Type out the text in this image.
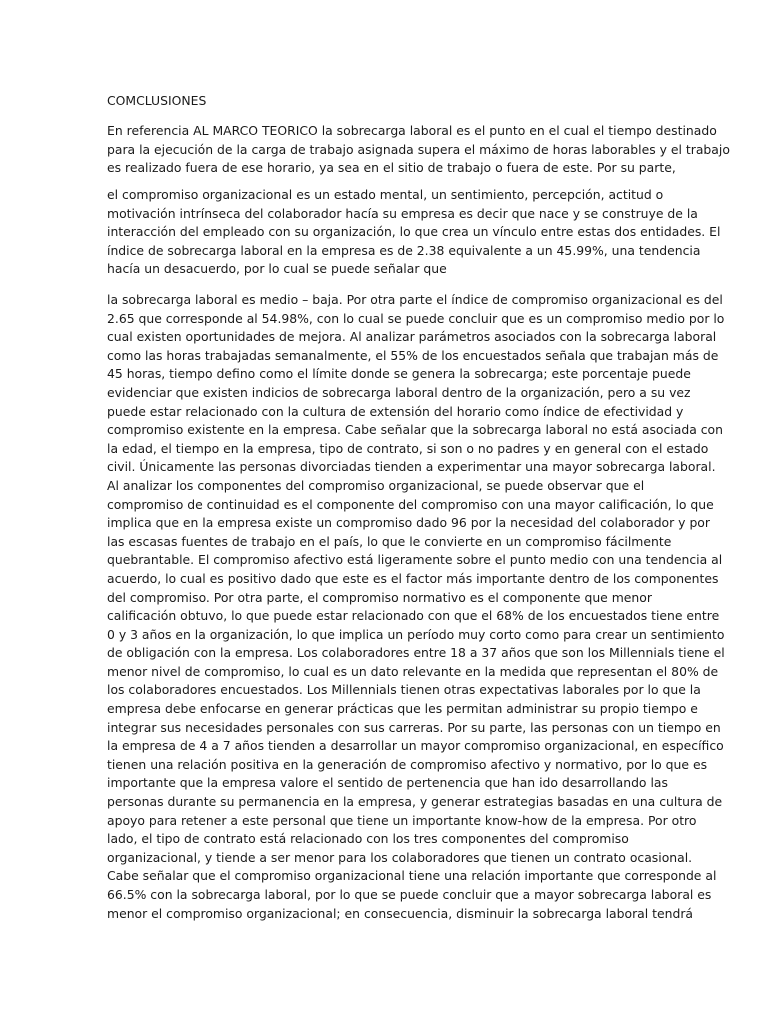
COMCLUSIONES
En referencia AL MARCO TEORICO la sobrecarga laboral es el punto en el cual el tiempo destinado
para la ejecución de la carga de trabajo asignada supera el máximo de horas laborables y el trabajo
es realizado fuera de ese horario, ya sea en el sitio de trabajo o fuera de este. Por su parte,
el compromiso organizacional es un estado mental, un sentimiento, percepción, actitud o
motivación intrínseca del colaborador hacía su empresa es decir que nace y se construye de la
interacción del empleado con su organización, lo que crea un vínculo entre estas dos entidades. El
índice de sobrecarga laboral en la empresa es de 2.38 equivalente a un 45.99%, una tendencia
hacía un desacuerdo, por lo cual se puede señalar que
la sobrecarga laboral es medio – baja. Por otra parte el índice de compromiso organizacional es del
2.65 que corresponde al 54.98%, con lo cual se puede concluir que es un compromiso medio por lo
cual existen oportunidades de mejora. Al analizar parámetros asociados con la sobrecarga laboral
como las horas trabajadas semanalmente, el 55% de los encuestados señala que trabajan más de
45 horas, tiempo defino como el límite donde se genera la sobrecarga; este porcentaje puede
evidenciar que existen indicios de sobrecarga laboral dentro de la organización, pero a su vez
puede estar relacionado con la cultura de extensión del horario como índice de efectividad y
compromiso existente en la empresa. Cabe señalar que la sobrecarga laboral no está asociada con
la edad, el tiempo en la empresa, tipo de contrato, si son o no padres y en general con el estado
civil. Únicamente las personas divorciadas tienden a experimentar una mayor sobrecarga laboral.
Al analizar los componentes del compromiso organizacional, se puede observar que el
compromiso de continuidad es el componente del compromiso con una mayor calificación, lo que
implica que en la empresa existe un compromiso dado 96 por la necesidad del colaborador y por
las escasas fuentes de trabajo en el país, lo que le convierte en un compromiso fácilmente
quebrantable. El compromiso afectivo está ligeramente sobre el punto medio con una tendencia al
acuerdo, lo cual es positivo dado que este es el factor más importante dentro de los componentes
del compromiso. Por otra parte, el compromiso normativo es el componente que menor
calificación obtuvo, lo que puede estar relacionado con que el 68% de los encuestados tiene entre
0 y 3 años en la organización, lo que implica un período muy corto como para crear un sentimiento
de obligación con la empresa. Los colaboradores entre 18 a 37 años que son los Millennials tiene el
menor nivel de compromiso, lo cual es un dato relevante en la medida que representan el 80% de
los colaboradores encuestados. Los Millennials tienen otras expectativas laborales por lo que la
empresa debe enfocarse en generar prácticas que les permitan administrar su propio tiempo e
integrar sus necesidades personales con sus carreras. Por su parte, las personas con un tiempo en
la empresa de 4 a 7 años tienden a desarrollar un mayor compromiso organizacional, en específico
tienen una relación positiva en la generación de compromiso afectivo y normativo, por lo que es
importante que la empresa valore el sentido de pertenencia que han ido desarrollando las
personas durante su permanencia en la empresa, y generar estrategias basadas en una cultura de
apoyo para retener a este personal que tiene un importante know-how de la empresa. Por otro
lado, el tipo de contrato está relacionado con los tres componentes del compromiso
organizacional, y tiende a ser menor para los colaboradores que tienen un contrato ocasional.
Cabe señalar que el compromiso organizacional tiene una relación importante que corresponde al
66.5% con la sobrecarga laboral, por lo que se puede concluir que a mayor sobrecarga laboral es
menor el compromiso organizacional; en consecuencia, disminuir la sobrecarga laboral tendrá
